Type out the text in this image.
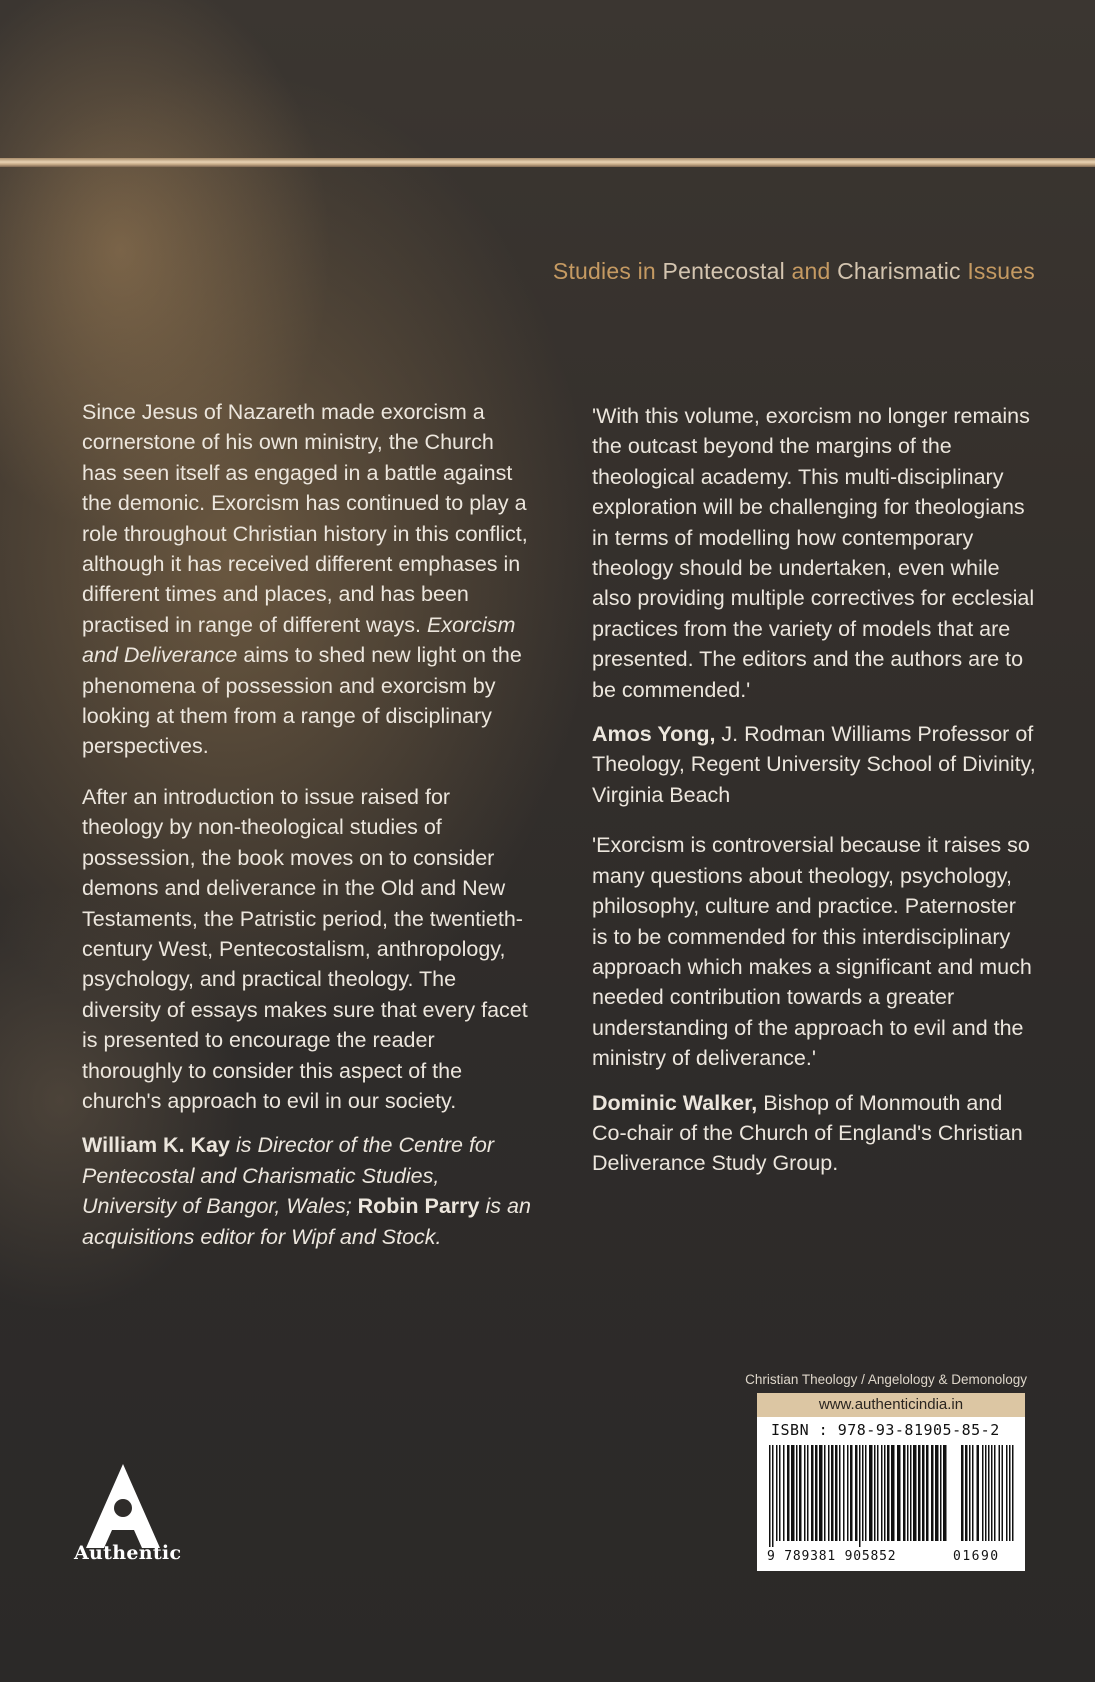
Studies in Pentecostal and Charismatic Issues

Since Jesus of Nazareth made exorcism a cornerstone of his own ministry, the Church has seen itself as engaged in a battle against the demonic. Exorcism has continued to play a role throughout Christian history in this conflict, although it has received different emphases in different times and places, and has been practised in range of different ways. Exorcism and Deliverance aims to shed new light on the phenomena of possession and exorcism by looking at them from a range of disciplinary perspectives.

After an introduction to issue raised for theology by non-theological studies of possession, the book moves on to consider demons and deliverance in the Old and New Testaments, the Patristic period, the twentieth-century West, Pentecostalism, anthropology, psychology, and practical theology. The diversity of essays makes sure that every facet is presented to encourage the reader thoroughly to consider this aspect of the church's approach to evil in our society.

William K. Kay is Director of the Centre for Pentecostal and Charismatic Studies, University of Bangor, Wales; Robin Parry is an acquisitions editor for Wipf and Stock.

'With this volume, exorcism no longer remains the outcast beyond the margins of the theological academy. This multi-disciplinary exploration will be challenging for theologians in terms of modelling how contemporary theology should be undertaken, even while also providing multiple correctives for ecclesial practices from the variety of models that are presented. The editors and the authors are to be commended.'

Amos Yong, J. Rodman Williams Professor of Theology, Regent University School of Divinity, Virginia Beach

'Exorcism is controversial because it raises so many questions about theology, psychology, philosophy, culture and practice. Paternoster is to be commended for this interdisciplinary approach which makes a significant and much needed contribution towards a greater understanding of the approach to evil and the ministry of deliverance.'

Dominic Walker, Bishop of Monmouth and Co-chair of the Church of England's Christian Deliverance Study Group.

Authentic
Christian Theology / Angelology & Demonology
www.authenticindia.in
ISBN : 978-93-81905-85-2
9 789381 905852	01690
